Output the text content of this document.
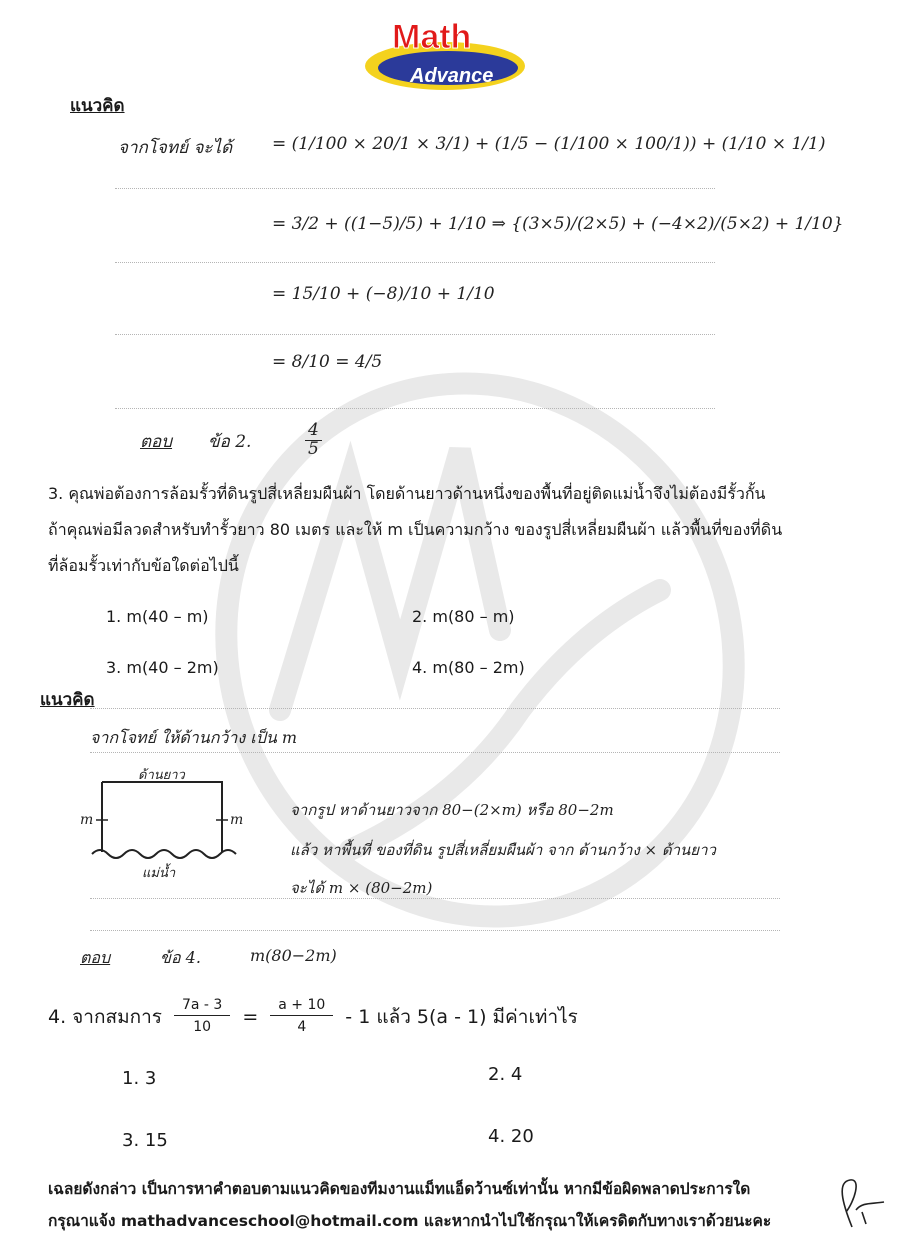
Math
Advance
แนวคิด
จากโจทย์ จะได้ = (1/100 × 20/1 × 3/1) + (1/5 − (1/100 × 100/1)) + (1/10 × 1/1)
= 3/2 + ((1−5)/5) + 1/10 ⇒ {(3×5)/(2×5) + (−4×2)/(5×2) + 1/10}
= 15/10 + (−8)/10 + 1/10
= 8/10 = 4/5
ตอบ ข้อ 2.	$\frac{4}{5}$
3. คุณพ่อต้องการล้อมรั้วที่ดินรูปสี่เหลี่ยมผืนผ้า โดยด้านยาวด้านหนึ่งของพื้นที่อยู่ติดแม่น้ำจึงไม่ต้องมีรั้วกั้น
ถ้าคุณพ่อมีลวดสำหรับทำรั้วยาว 80 เมตร และให้ m เป็นความกว้าง ของรูปสี่เหลี่ยมผืนผ้า แล้วพื้นที่ของที่ดิน
ที่ล้อมรั้วเท่ากับข้อใดต่อไปนี้
1. m(40 – m)	2. m(80 – m)
3. m(40 – 2m)	4. m(80 – 2m)
แนวคิด
จากโจทย์ ให้ด้านกว้าง เป็น m
ด้านยาว
m	m
แม่น้ำ
จากรูป หาด้านยาวจาก 80−(2×m) หรือ 80−2m
แล้ว หาพื้นที่ ของที่ดิน รูปสี่เหลี่ยมผืนผ้า จาก ด้านกว้าง × ด้านยาว
จะได้ m × (80−2m)
ตอบ	ข้อ 4.	m(80−2m)
4. จากสมการ $\frac{7a - 3}{10} = \frac{a + 10}{4} - 1$ แล้ว 5(a - 1) มีค่าเท่าไร
1. 3	2. 4
3. 15	4. 20
เฉลยดังกล่าว เป็นการหาคำตอบตามแนวคิดของทีมงานแม็ทแอ็ดว้านซ์เท่านั้น หากมีข้อผิดพลาดประการใด
กรุณาแจ้ง mathadvanceschool@hotmail.com และหากนำไปใช้กรุณาให้เครดิตกับทางเราด้วยนะคะ
